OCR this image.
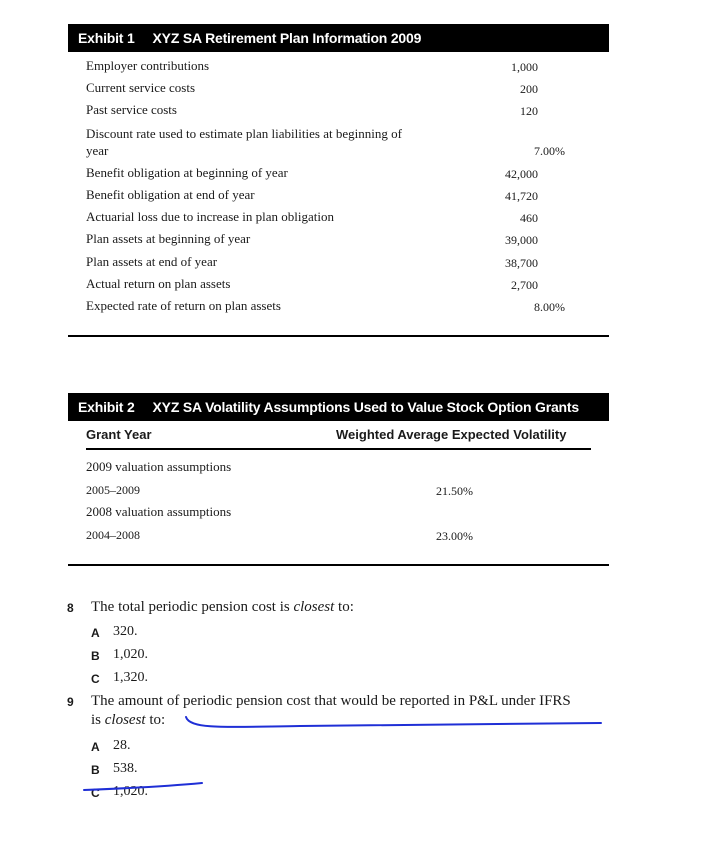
Exhibit 1 XYZ SA Retirement Plan Information 2009
Employer contributions	1,000
Current service costs	200
Past service costs	120
Discount rate used to estimate plan liabilities at beginning of
year	7.00%
Benefit obligation at beginning of year	42,000
Benefit obligation at end of year	41,720
Actuarial loss due to increase in plan obligation	460
Plan assets at beginning of year	39,000
Plan assets at end of year	38,700
Actual return on plan assets	2,700
Expected rate of return on plan assets	8.00%
Exhibit 2 XYZ SA Volatility Assumptions Used to Value Stock Option Grants
Grant Year	Weighted Average Expected Volatility
2009 valuation assumptions
2005–2009	21.50%
2008 valuation assumptions
2004–2008	23.00%
8 The total periodic pension cost is closest to:
A 320.
B 1,020.
C 1,320.
9 The amount of periodic pension cost that would be reported in P&L under IFRS
is closest to:
A 28.
B 538.
C 1,020.
